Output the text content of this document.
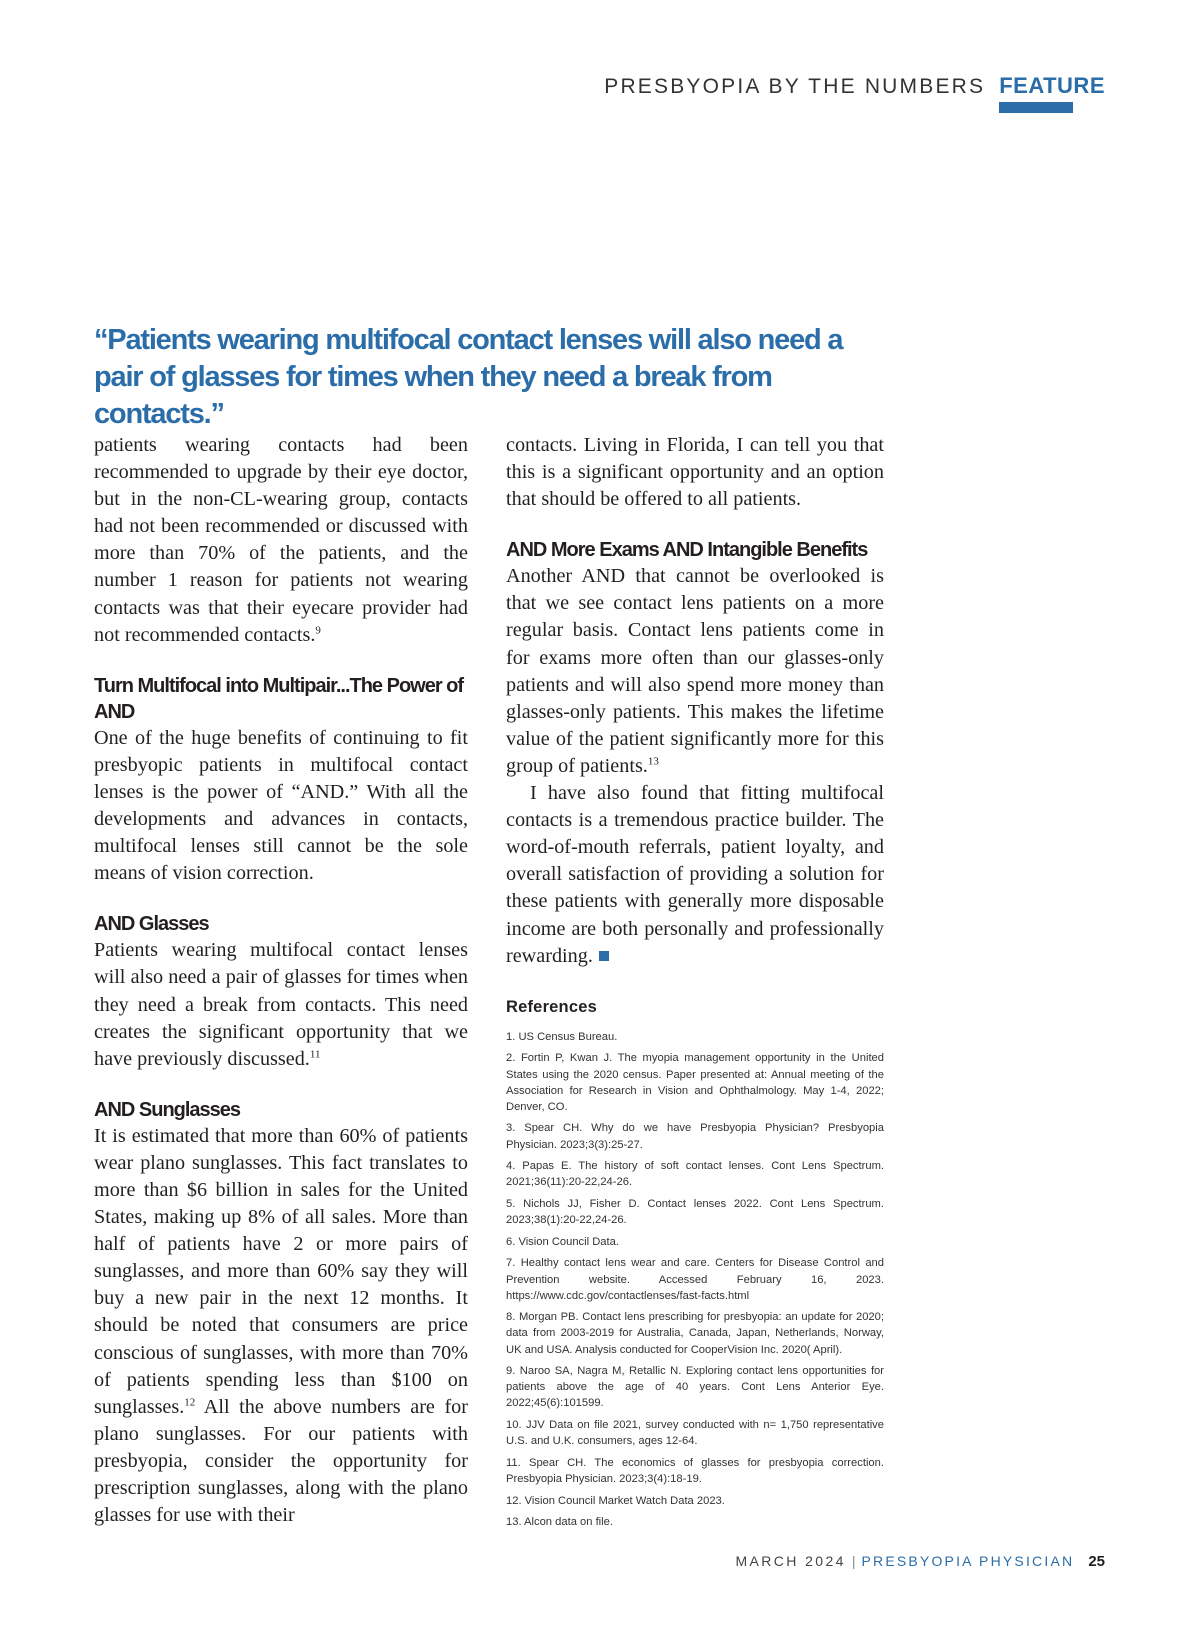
PRESBYOPIA BY THE NUMBERS FEATURE
“Patients wearing multifocal contact lenses will also need a pair of glasses for times when they need a break from contacts.”

patients wearing contacts had been recommended to upgrade by their eye doctor, but in the non-CL-wearing group, contacts had not been recommended or discussed with more than 70% of the patients, and the number 1 reason for patients not wearing contacts was that their eyecare provider had not recommended contacts.$^9$

Turn Multifocal into Multipair...The Power of AND

One of the huge benefits of continuing to fit presbyopic patients in multifocal contact lenses is the power of “AND.” With all the developments and advances in contacts, multifocal lenses still cannot be the sole means of vision correction.

AND Glasses

Patients wearing multifocal contact lenses will also need a pair of glasses for times when they need a break from contacts. This need creates the significant opportunity that we have previously discussed.$^{11}$

AND Sunglasses

It is estimated that more than 60% of patients wear plano sunglasses. This fact translates to more than $6 billion in sales for the United States, making up 8% of all sales. More than half of patients have 2 or more pairs of sunglasses, and more than 60% say they will buy a new pair in the next 12 months. It should be noted that consumers are price conscious of sunglasses, with more than 70% of patients spending less than $100 on sunglasses.$^{12}$ All the above numbers are for plano sunglasses. For our patients with presbyopia, consider the opportunity for prescription sunglasses, along with the plano glasses for use with their

contacts. Living in Florida, I can tell you that this is a significant opportunity and an option that should be offered to all patients.

AND More Exams AND Intangible Benefits

Another AND that cannot be overlooked is that we see contact lens patients on a more regular basis. Contact lens patients come in for exams more often than our glasses-only patients and will also spend more money than glasses-only patients. This makes the lifetime value of the patient significantly more for this group of patients.$^{13}$

I have also found that fitting multifocal contacts is a tremendous practice builder. The word-of-mouth referrals, patient loyalty, and overall satisfaction of providing a solution for these patients with generally more disposable income are both personally and professionally rewarding.

References
1. US Census Bureau.
2. Fortin P, Kwan J. The myopia management opportunity in the United States using the 2020 census. Paper presented at: Annual meeting of the Association for Research in Vision and Ophthalmology. May 1-4, 2022; Denver, CO.
3. Spear CH. Why do we have Presbyopia Physician? Presbyopia Physician. 2023;3(3):25-27.
4. Papas E. The history of soft contact lenses. Cont Lens Spectrum. 2021;36(11):20-22,24-26.
5. Nichols JJ, Fisher D. Contact lenses 2022. Cont Lens Spectrum. 2023;38(1):20-22,24-26.
6. Vision Council Data.
7. Healthy contact lens wear and care. Centers for Disease Control and Prevention website. Accessed February 16, 2023. https://www.cdc.gov/contactlenses/fast-facts.html
8. Morgan PB. Contact lens prescribing for presbyopia: an update for 2020; data from 2003-2019 for Australia, Canada, Japan, Netherlands, Norway, UK and USA. Analysis conducted for CooperVision Inc. 2020( April).
9. Naroo SA, Nagra M, Retallic N. Exploring contact lens opportunities for patients above the age of 40 years. Cont Lens Anterior Eye. 2022;45(6):101599.
10. JJV Data on file 2021, survey conducted with n= 1,750 representative U.S. and U.K. consumers, ages 12-64.
11. Spear CH. The economics of glasses for presbyopia correction. Presbyopia Physician. 2023;3(4):18-19.
12. Vision Council Market Watch Data 2023.
13. Alcon data on file.
MARCH 2024 | PRESBYOPIA PHYSICIAN 25
